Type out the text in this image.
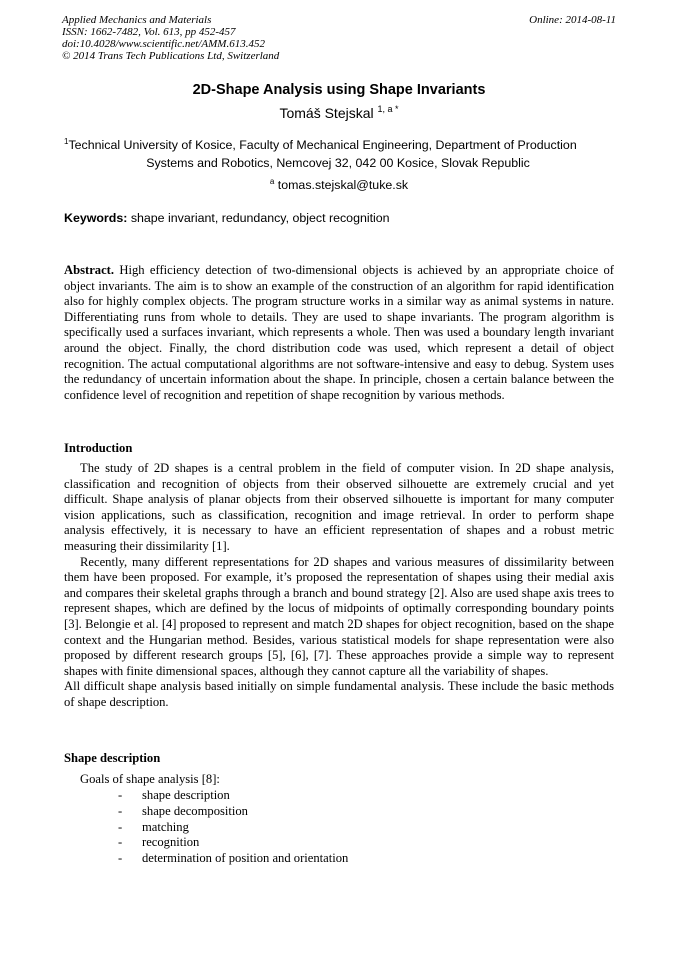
Applied Mechanics and Materials
ISSN: 1662-7482, Vol. 613, pp 452-457
doi:10.4028/www.scientific.net/AMM.613.452
© 2014 Trans Tech Publications Ltd, Switzerland
Online: 2014-08-11
2D-Shape Analysis using Shape Invariants
Tomáš Stejskal $^{1, a *}$
$^1$Technical University of Kosice, Faculty of Mechanical Engineering, Department of Production
Systems and Robotics, Nemcovej 32, 042 00 Kosice, Slovak Republic
$^a$ tomas.stejskal@tuke.sk
Keywords: shape invariant, redundancy, object recognition
Abstract. High efficiency detection of two-dimensional objects is achieved by an appropriate choice of object invariants. The aim is to show an example of the construction of an algorithm for rapid identification also for highly complex objects. The program structure works in a similar way as animal systems in nature. Differentiating runs from whole to details. They are used to shape invariants. The program algorithm is specifically used a surfaces invariant, which represents a whole. Then was used a boundary length invariant around the object. Finally, the chord distribution code was used, which represent a detail of object recognition. The actual computational algorithms are not software-intensive and easy to debug. System uses the redundancy of uncertain information about the shape. In principle, chosen a certain balance between the confidence level of recognition and repetition of shape recognition by various methods.
Introduction

The study of 2D shapes is a central problem in the field of computer vision. In 2D shape analysis, classification and recognition of objects from their observed silhouette are extremely crucial and yet difficult. Shape analysis of planar objects from their observed silhouette is important for many computer vision applications, such as classification, recognition and image retrieval. In order to perform shape analysis effectively, it is necessary to have an efficient representation of shapes and a robust metric measuring their dissimilarity [1].

Recently, many different representations for 2D shapes and various measures of dissimilarity between them have been proposed. For example, it’s proposed the representation of shapes using their medial axis and compares their skeletal graphs through a branch and bound strategy [2]. Also are used shape axis trees to represent shapes, which are defined by the locus of midpoints of optimally corresponding boundary points [3]. Belongie et al. [4] proposed to represent and match 2D shapes for object recognition, based on the shape context and the Hungarian method. Besides, various statistical models for shape representation were also proposed by different research groups [5], [6], [7]. These approaches provide a simple way to represent shapes with finite dimensional spaces, although they cannot capture all the variability of shapes.

All difficult shape analysis based initially on simple fundamental analysis. These include the basic methods of shape description.

Shape description
Goals of shape analysis [8]:
- shape description
- shape decomposition
- matching
- recognition
- determination of position and orientation
